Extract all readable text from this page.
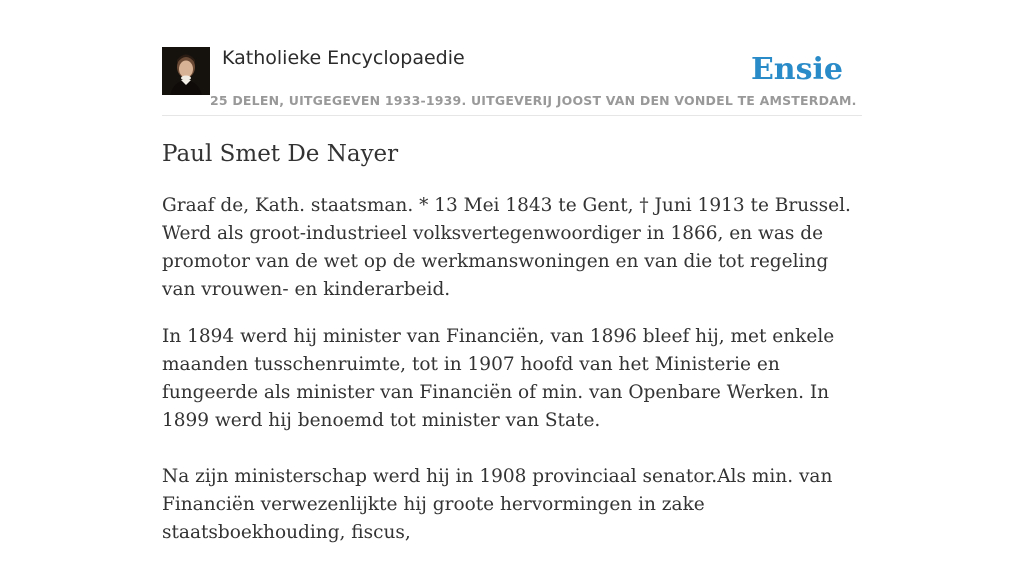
Katholieke Encyclopaedie
25 DELEN, UITGEGEVEN 1933-1939. UITGEVERIJ JOOST VAN DEN VONDEL TE AMSTERDAM.
Ensie
Paul Smet De Nayer

Graaf de, Kath. staatsman. * 13 Mei 1843 te Gent, † Juni 1913 te Brussel. Werd als groot-industrieel volksvertegenwoordiger in 1866, en was de promotor van de wet op de werkmanswoningen en van die tot regeling van vrouwen- en kinderarbeid.

In 1894 werd hij minister van Financiën, van 1896 bleef hij, met enkele maanden tusschenruimte, tot in 1907 hoofd van het Ministerie en fungeerde als minister van Financiën of min. van Openbare Werken. In 1899 werd hij benoemd tot minister van State.

Na zijn ministerschap werd hij in 1908 provinciaal senator.Als min. van Financiën verwezenlijkte hij groote hervormingen in zake staatsboekhouding, fiscus,
